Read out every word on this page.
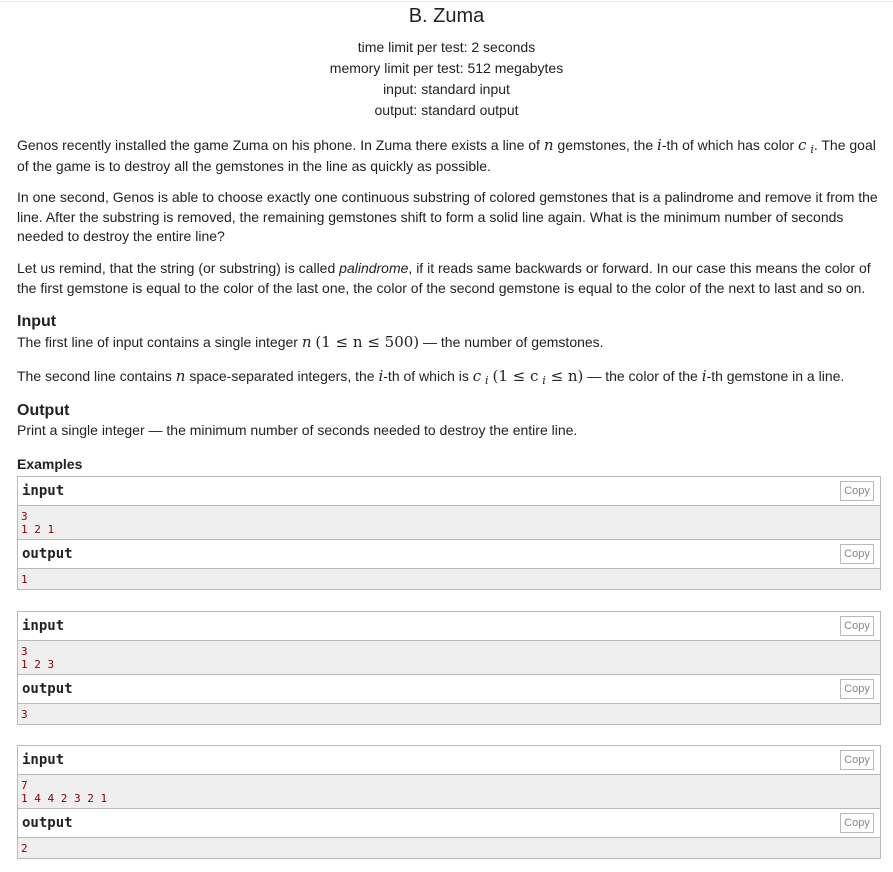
B. Zuma
time limit per test: 2 seconds
memory limit per test: 512 megabytes
input: standard input
output: standard output
Genos recently installed the game Zuma on his phone. In Zuma there exists a line of n gemstones, the i-th of which has color c $_i$. The goal of the game is to destroy all the gemstones in the line as quickly as possible.
In one second, Genos is able to choose exactly one continuous substring of colored gemstones that is a palindrome and remove it from the line. After the substring is removed, the remaining gemstones shift to form a solid line again. What is the minimum number of seconds needed to destroy the entire line?
Let us remind, that the string (or substring) is called palindrome, if it reads same backwards or forward. In our case this means the color of the first gemstone is equal to the color of the last one, the color of the second gemstone is equal to the color of the next to last and so on.
Input
The first line of input contains a single integer n (1 ≤ n ≤ 500) — the number of gemstones.
The second line contains n space-separated integers, the i-th of which is c $_i$ (1 ≤ c $_i$ ≤ n) — the color of the i-th gemstone in a line.
Output
Print a single integer — the minimum number of seconds needed to destroy the entire line.
Examples
input	Copy
3
1 2 1
output	Copy
1
input	Copy
3
1 2 3
output	Copy
3
input	Copy
7
1 4 4 2 3 2 1
output	Copy
2
